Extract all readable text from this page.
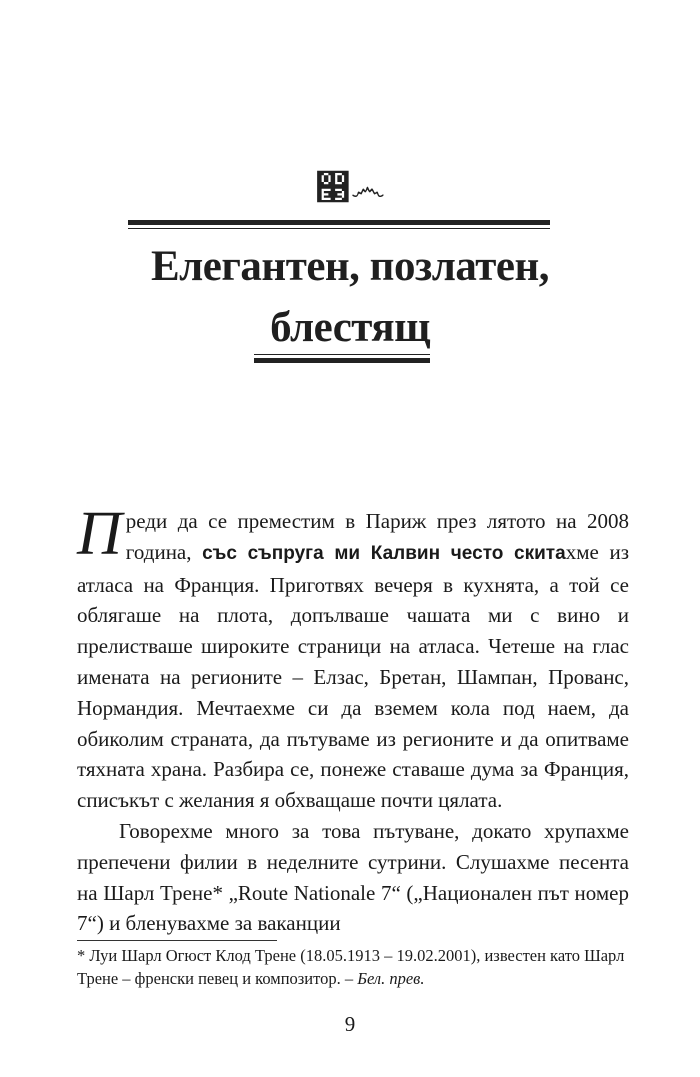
෣෴
Елегантен, позлатен,
блестящ

Преди да се преместим в Париж през лятото на 2008 година, със съпруга ми Калвин често скитахме из атласа на Франция. Приготвях вечеря в кухнята, а той се облягаше на плота, допълваше чашата ми с вино и прелистваше широките страници на атласа. Четеше на глас имената на регионите – Елзас, Бретан, Шампан, Прованс, Нормандия. Мечтаехме си да вземем кола под наем, да обиколим страната, да пътуваме из регионите и да опитваме тяхната храна. Разбира се, понеже ставаше дума за Франция, списъкът с желания я обхващаше почти цялата.

Говорехме много за това пътуване, докато хрупахме препечени филии в неделните сутрини. Слушахме песента на Шарл Трене* „Route Nationale 7“ („Национален път номер 7“) и бленувахме за ваканции

* Луи Шарл Огюст Клод Трене (18.05.1913 – 19.02.2001), известен като Шарл Трене – френски певец и композитор. – Бел. прев.
9
